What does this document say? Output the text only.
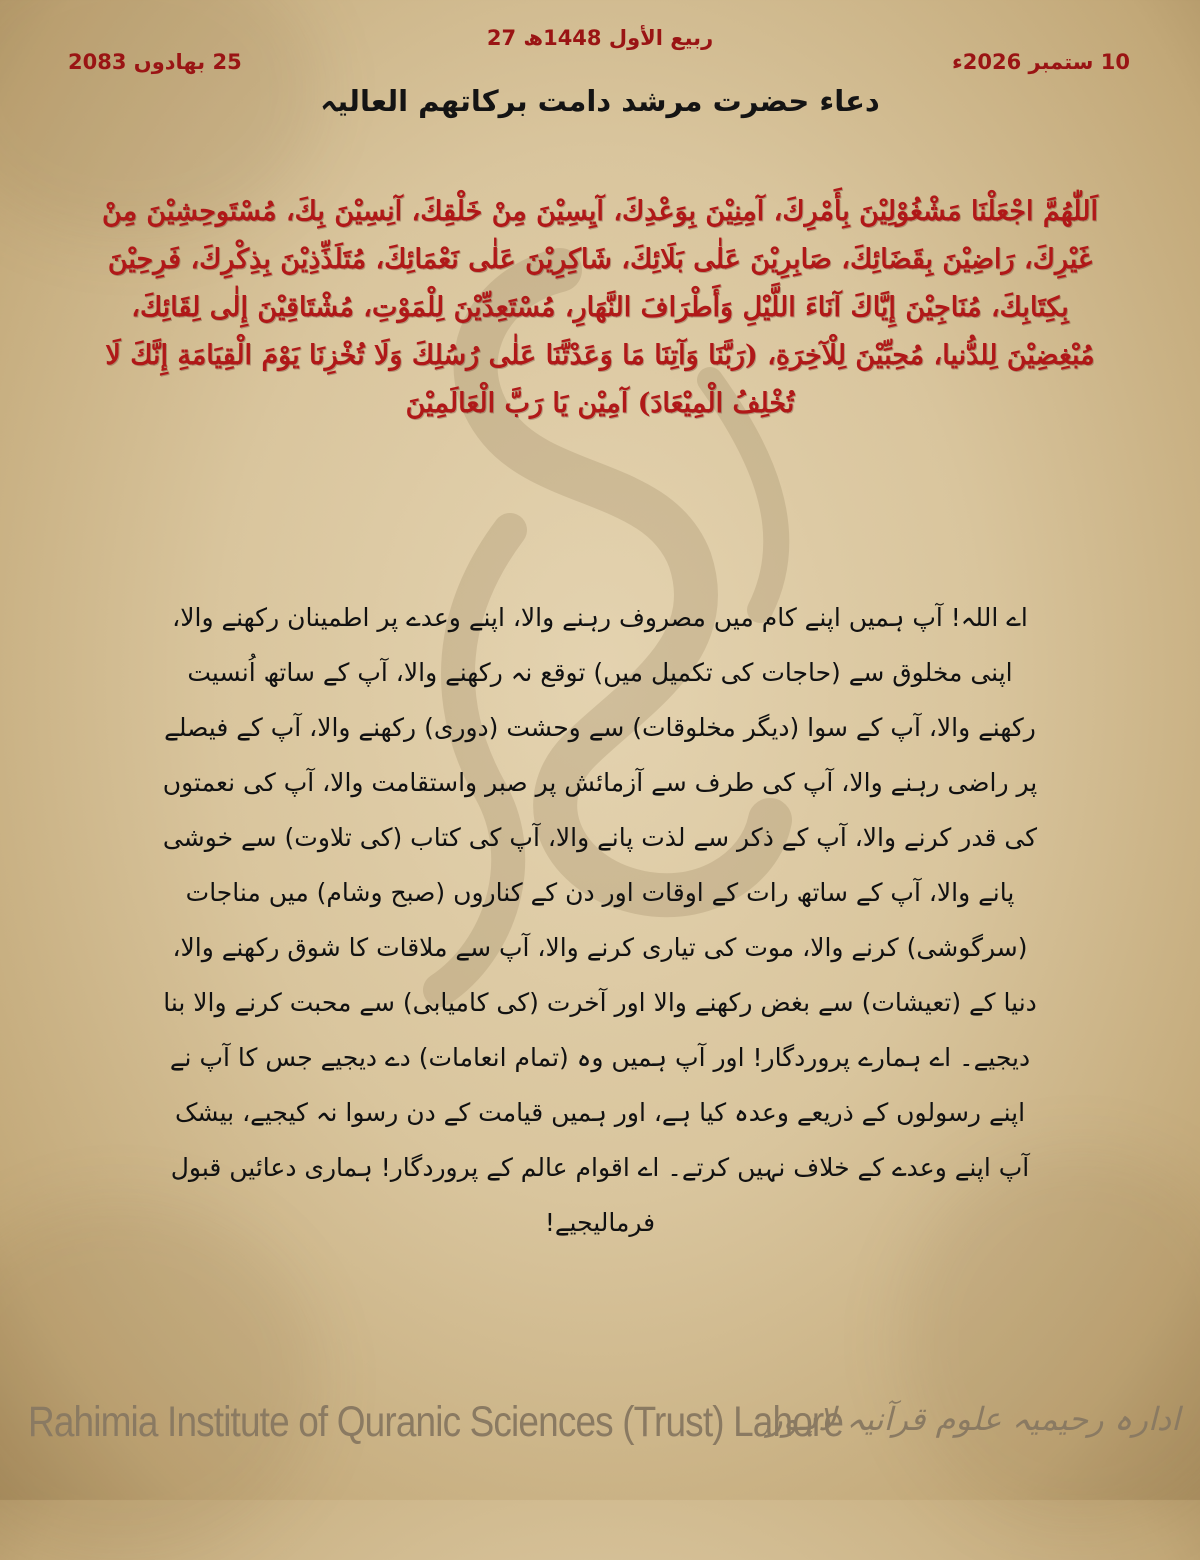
27 ربیع الأول 1448ھ
10 ستمبر 2026ء
25 بھادوں 2083
دعاء حضرت مرشد دامت برکاتھم العالیہ
اَللّٰهُمَّ اجْعَلْنَا مَشْغُوْلِيْنَ بِأَمْرِكَ، آمِنِيْنَ بِوَعْدِكَ، آيِسِيْنَ مِنْ خَلْقِكَ، آنِسِيْنَ بِكَ، مُسْتَوحِشِيْنَ مِنْ غَيْرِكَ، رَاضِيْنَ بِقَضَائِكَ، صَابِرِيْنَ عَلٰى بَلَائِكَ، شَاكِرِيْنَ عَلٰى نَعْمَائِكَ، مُتَلَذِّذِيْنَ بِذِكْرِكَ، فَرِحِيْنَ بِكِتَابِكَ، مُنَاجِيْنَ إِيَّاكَ آنَاءَ اللَّيْلِ وَأَطْرَافَ النَّهَارِ، مُسْتَعِدِّيْنَ لِلْمَوْتِ، مُشْتَاقِيْنَ إِلٰى لِقَائِكَ، مُبْغِضِيْنَ لِلدُّنيا، مُحِبِّيْنَ لِلْآخِرَةِ، (رَبَّنَا وَآتِنَا مَا وَعَدْتَّنَا عَلٰى رُسُلِكَ وَلَا تُخْزِنَا يَوْمَ الْقِيَامَةِ إِنَّكَ لَا تُخْلِفُ الْمِيْعَادَ) آمِيْن يَا رَبَّ الْعَالَمِيْنَ
اے اللہ! آپ ہمیں اپنے کام میں مصروف رہنے والا، اپنے وعدے پر اطمینان رکھنے والا، اپنی مخلوق سے (حاجات کی تکمیل میں) توقع نہ رکھنے والا، آپ کے ساتھ اُنسیت رکھنے والا، آپ کے سوا (دیگر مخلوقات) سے وحشت (دوری) رکھنے والا، آپ کے فیصلے پر راضی رہنے والا، آپ کی طرف سے آزمائش پر صبر واستقامت والا، آپ کی نعمتوں کی قدر کرنے والا، آپ کے ذکر سے لذت پانے والا، آپ کی کتاب (کی تلاوت) سے خوشی پانے والا، آپ کے ساتھ رات کے اوقات اور دن کے کناروں (صبح وشام) میں مناجات (سرگوشی) کرنے والا، موت کی تیاری کرنے والا، آپ سے ملاقات کا شوق رکھنے والا، دنیا کے (تعیشات) سے بغض رکھنے والا اور آخرت (کی کامیابی) سے محبت کرنے والا بنا دیجیے۔ اے ہمارے پروردگار! اور آپ ہمیں وہ (تمام انعامات) دے دیجیے جس کا آپ نے اپنے رسولوں کے ذریعے وعدہ کیا ہے، اور ہمیں قیامت کے دن رسوا نہ کیجیے، بیشک آپ اپنے وعدے کے خلاف نہیں کرتے۔ اے اقوام عالم کے پروردگار! ہماری دعائیں قبول فرمالیجیے!
Rahimia Institute of Quranic Sciences (Trust) Lahore
ادارہ رحیمیہ علوم قرآنیہ لاہور
